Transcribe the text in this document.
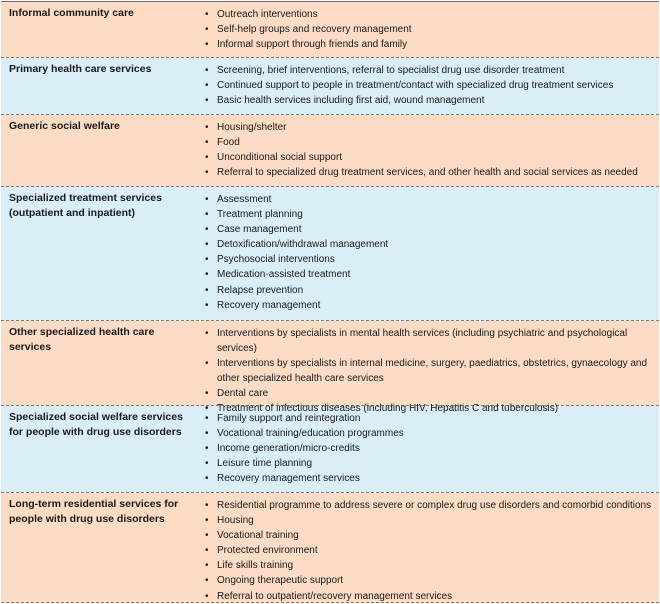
Informal community care	• Outreach interventions
• Self-help groups and recovery management
• Informal support through friends and family
Primary health care services	• Screening, brief interventions, referral to specialist drug use disorder treatment
• Continued support to people in treatment/contact with specialized drug treatment services
• Basic health services including first aid, wound management
Generic social welfare	• Housing/shelter
• Food
• Unconditional social support
• Referral to specialized drug treatment services, and other health and social services as needed
Specialized treatment services (outpatient and inpatient)
• Assessment
• Treatment planning
• Case management
• Detoxification/withdrawal management
• Psychosocial interventions
• Medication-assisted treatment
• Relapse prevention
• Recovery management
Other specialized health care services
• Interventions by specialists in mental health services (including psychiatric and psychological services)
• Interventions by specialists in internal medicine, surgery, paediatrics, obstetrics, gynaecology and other specialized health care services
• Dental care
• Treatment of infectious diseases (including HIV, Hepatitis C and tuberculosis)
Specialized social welfare services for people with drug use disorders
• Family support and reintegration
• Vocational training/education programmes
• Income generation/micro-credits
• Leisure time planning
• Recovery management services
Long-term residential services for people with drug use disorders
• Residential programme to address severe or complex drug use disorders and comorbid conditions
• Housing
• Vocational training
• Protected environment
• Life skills training
• Ongoing therapeutic support
• Referral to outpatient/recovery management services
